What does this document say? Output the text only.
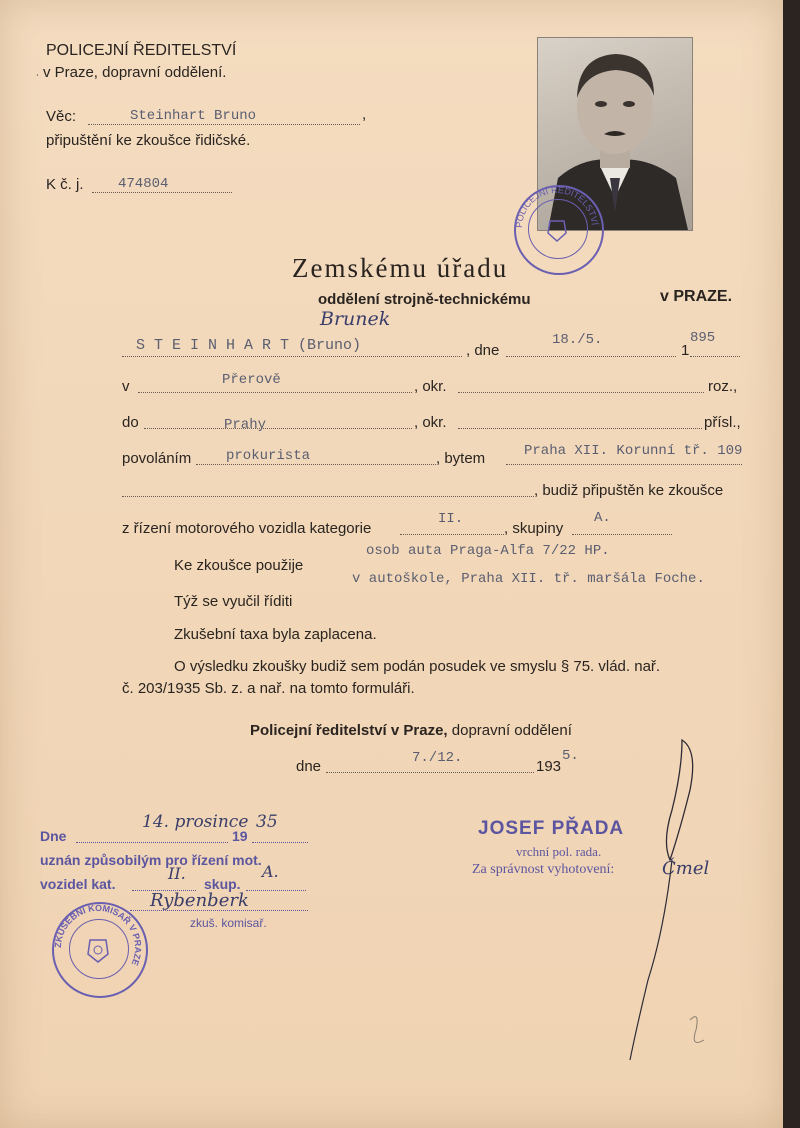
POLICEJNÍ ŘEDITELSTVÍ
. v Praze, dopravní oddělení.
Věc:	Steinhart Bruno	,
připuštění ke zkoušce řidičské.
K č. j. 474804
POLICEJNÍ ŘEDITELSTVÍ
Zemskému úřadu
oddělení strojně-technickému	v PRAZE.
Brunek
S T E I N H A R T (Bruno)	, dne
18./5.
1
895
v	Přerově	, okr.	roz.,
do	Prahy	, okr.	přísl.,
povoláním prokurista	, bytem	Praha XII. Korunní tř. 109
, budiž připuštěn ke zkoušce
z řízení motorového vozidla kategorie
II.
, skupiny
A.
Ke zkoušce použije
osob auta Praga-Alfa 7/22 HP.
Týž se vyučil říditi
v autoškole, Praha XII. tř. maršála Foche.
Zkušební taxa byla zaplacena.
O výsledku zkoušky budiž sem podán posudek ve smyslu § 75. vlád. nař.
č. 203/1935 Sb. z. a nař. na tomto formuláři.
Policejní ředitelství v Praze, dopravní oddělení
dne	7./12.	193
5.
Dne
14. prosince
19
35
uznán způsobilým pro řízení mot.
vozidel kat.
II.
skup.
A.
Rybenberk
zkuš. komisař.
ZKUŠEBNÍ KOMISAŘ V PRAZE
JOSEF PŘADA
vrchní pol. rada.
Za správnost vyhotovení:	Čmel
